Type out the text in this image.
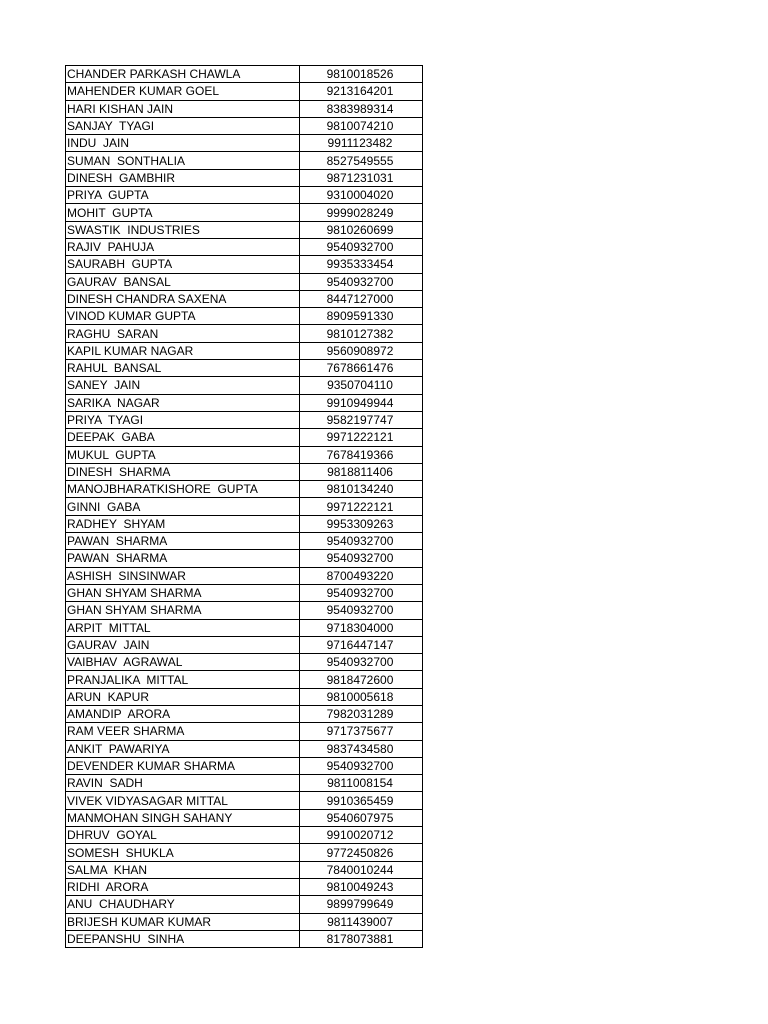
CHANDER PARKASH CHAWLA	9810018526
MAHENDER KUMAR GOEL	9213164201
HARI KISHAN JAIN	8383989314
SANJAY  TYAGI	9810074210
INDU  JAIN	9911123482
SUMAN  SONTHALIA	8527549555
DINESH  GAMBHIR	9871231031
PRIYA  GUPTA	9310004020
MOHIT  GUPTA	9999028249
SWASTIK  INDUSTRIES	9810260699
RAJIV  PAHUJA	9540932700
SAURABH  GUPTA	9935333454
GAURAV  BANSAL	9540932700
DINESH CHANDRA SAXENA	8447127000
VINOD KUMAR GUPTA	8909591330
RAGHU  SARAN	9810127382
KAPIL KUMAR NAGAR	9560908972
RAHUL  BANSAL	7678661476
SANEY  JAIN	9350704110
SARIKA  NAGAR	9910949944
PRIYA  TYAGI	9582197747
DEEPAK  GABA	9971222121
MUKUL  GUPTA	7678419366
DINESH  SHARMA	9818811406
MANOJBHARATKISHORE  GUPTA	9810134240
GINNI  GABA	9971222121
RADHEY  SHYAM	9953309263
PAWAN  SHARMA	9540932700
PAWAN  SHARMA	9540932700
ASHISH  SINSINWAR	8700493220
GHAN SHYAM SHARMA	9540932700
GHAN SHYAM SHARMA	9540932700
ARPIT  MITTAL	9718304000
GAURAV  JAIN	9716447147
VAIBHAV  AGRAWAL	9540932700
PRANJALIKA  MITTAL	9818472600
ARUN  KAPUR	9810005618
AMANDIP  ARORA	7982031289
RAM VEER SHARMA	9717375677
ANKIT  PAWARIYA	9837434580
DEVENDER KUMAR SHARMA	9540932700
RAVIN  SADH	9811008154
VIVEK VIDYASAGAR MITTAL	9910365459
MANMOHAN SINGH SAHANY	9540607975
DHRUV  GOYAL	9910020712
SOMESH  SHUKLA	9772450826
SALMA  KHAN	7840010244
RIDHI  ARORA	9810049243
ANU  CHAUDHARY	9899799649
BRIJESH KUMAR KUMAR	9811439007
DEEPANSHU  SINHA	8178073881
